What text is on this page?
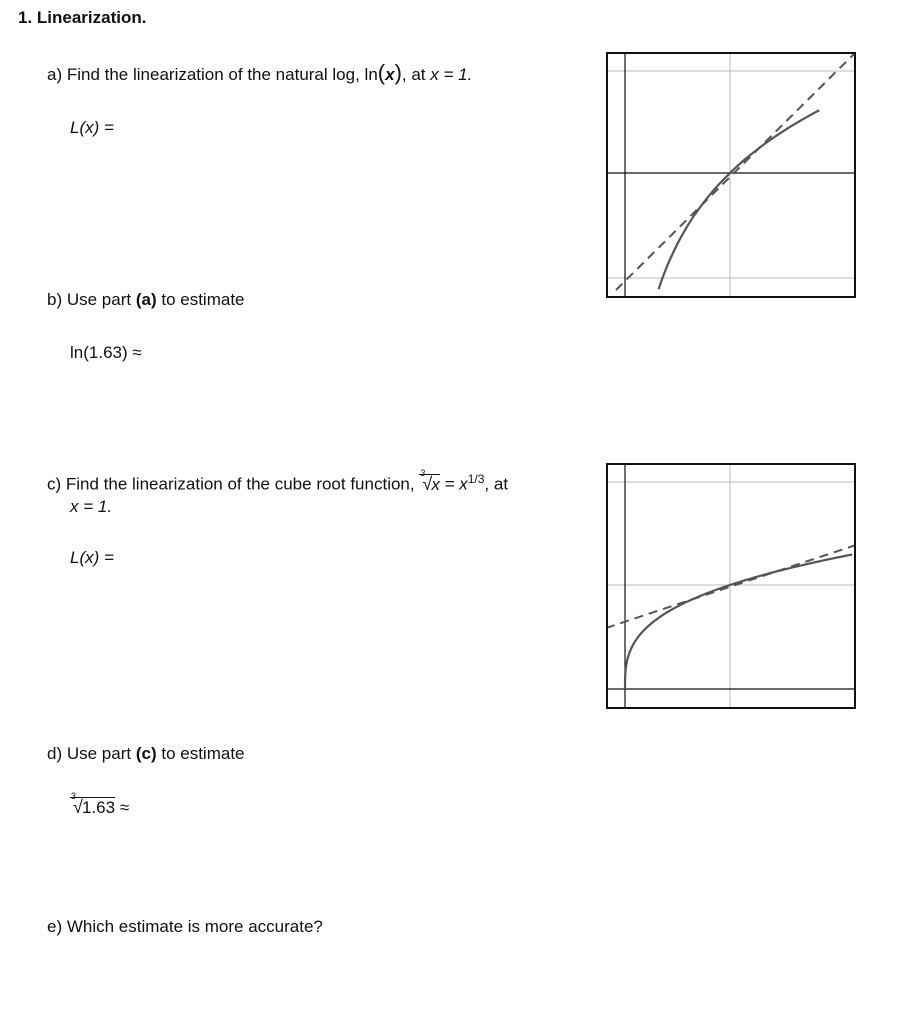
1. Linearization.
a) Find the linearization of the natural log, ln(x), at x = 1.
L(x) =
b) Use part (a) to estimate
ln(1.63) ≈
c) Find the linearization of the cube root function,
3
√ $x = x^{1/3}$, at
x = 1.
L(x) =
d) Use part (c) to estimate
3
√ 1.63 ≈
e) Which estimate is more accurate?
